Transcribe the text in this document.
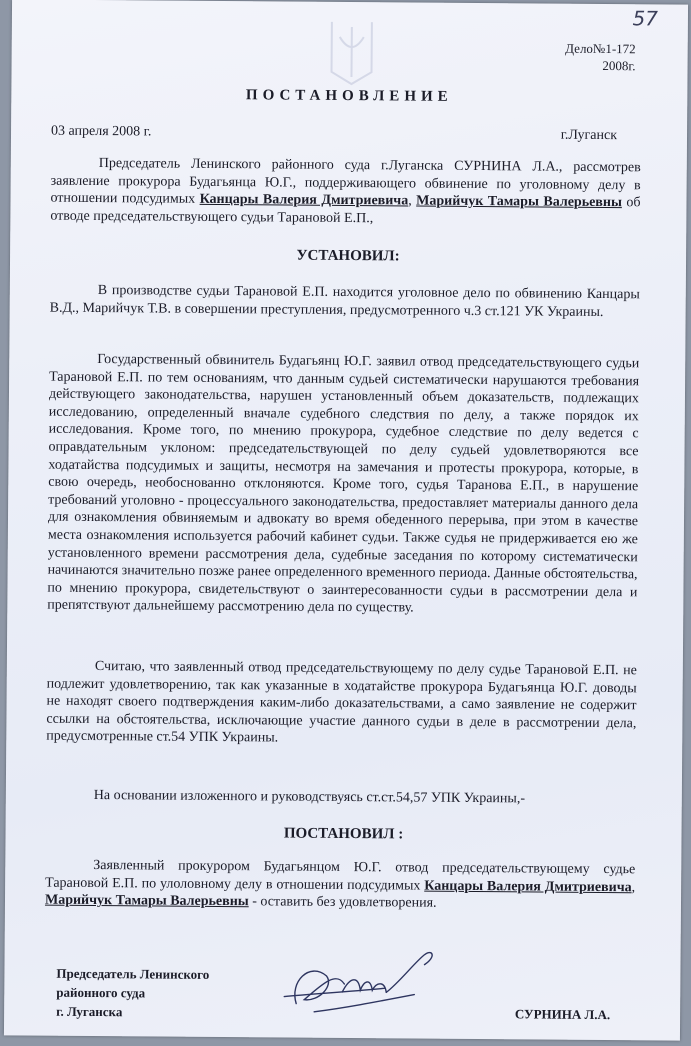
57
Дело№1-172
2008г.
ПОСТАНОВЛЕНИЕ
03 апреля 2008 г.	г.Луганск

Председатель Ленинского районного суда г.Луганска СУРНИНА Л.А., рассмотрев заявление прокурора Будагьянца Ю.Г., поддерживающего обвинение по уголовному делу в отношении подсудимых Канцары Валерия Дмитриевича, Марийчук Тамары Валерьевны об отводе председательствующего судьи Тарановой Е.П.,

УСТАНОВИЛ:

В производстве судьи Тарановой Е.П. находится уголовное дело по обвинению Канцары В.Д., Марийчук Т.В. в совершении преступления, предусмотренного ч.3 ст.121 УК Украины.

Государственный обвинитель Будагьянц Ю.Г. заявил отвод председательствующего судьи Тарановой Е.П. по тем основаниям, что данным судьей систематически нарушаются требования действующего законодательства, нарушен установленный объем доказательств, подлежащих исследованию, определенный вначале судебного следствия по делу, а также порядок их исследования. Кроме того, по мнению прокурора, судебное следствие по делу ведется с оправдательным уклоном: председательствующей по делу судьей удовлетворяются все ходатайства подсудимых и защиты, несмотря на замечания и протесты прокурора, которые, в свою очередь, необоснованно отклоняются. Кроме того, судья Таранова Е.П., в нарушение требований уголовно - процессуального законодательства, предоставляет материалы данного дела для ознакомления обвиняемым и адвокату во время обеденного перерыва, при этом в качестве места ознакомления используется рабочий кабинет судьи. Также судья не придерживается ею же установленного времени рассмотрения дела, судебные заседания по которому систематически начинаются значительно позже ранее определенного временного периода. Данные обстоятельства, по мнению прокурора, свидетельствуют о заинтересованности судьи в рассмотрении дела и препятствуют дальнейшему рассмотрению дела по существу.

Считаю, что заявленный отвод председательствующему по делу судье Тарановой Е.П. не подлежит удовлетворению, так как указанные в ходатайстве прокурора Будагьянца Ю.Г. доводы не находят своего подтверждения каким-либо доказательствами, а само заявление не содержит ссылки на обстоятельства, исключающие участие данного судьи в деле в рассмотрении дела, предусмотренные ст.54 УПК Украины.

На основании изложенного и руководствуясь ст.ст.54,57 УПК Украины,-

ПОСТАНОВИЛ :

Заявленный прокурором Будагьянцом Ю.Г. отвод председательствующему судье Тарановой Е.П. по улоловному делу в отношении подсудимых Канцары Валерия Дмитриевича, Марийчук Тамары Валерьевны - оставить без удовлетворения.

Председатель Ленинского
районного суда
г. Луганска	СУРНИНА Л.А.
